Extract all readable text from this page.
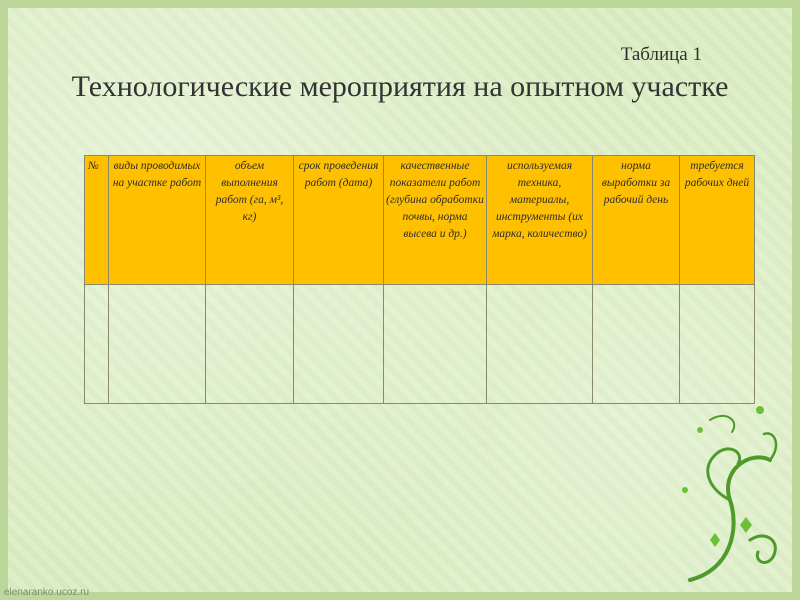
Таблица 1
Технологические мероприятия на опытном участке
№	виды проводимых на участке работ	объем выполнения работ (га, м³, кг)	срок проведения работ (дата)	качественные показатели работ (глубина обработки почвы, норма высева и др.)	используемая техника, материалы, инструменты (их марка, количество)	норма выработки за рабочий день	требуется рабочих дней

elenaranko.ucoz.ru
